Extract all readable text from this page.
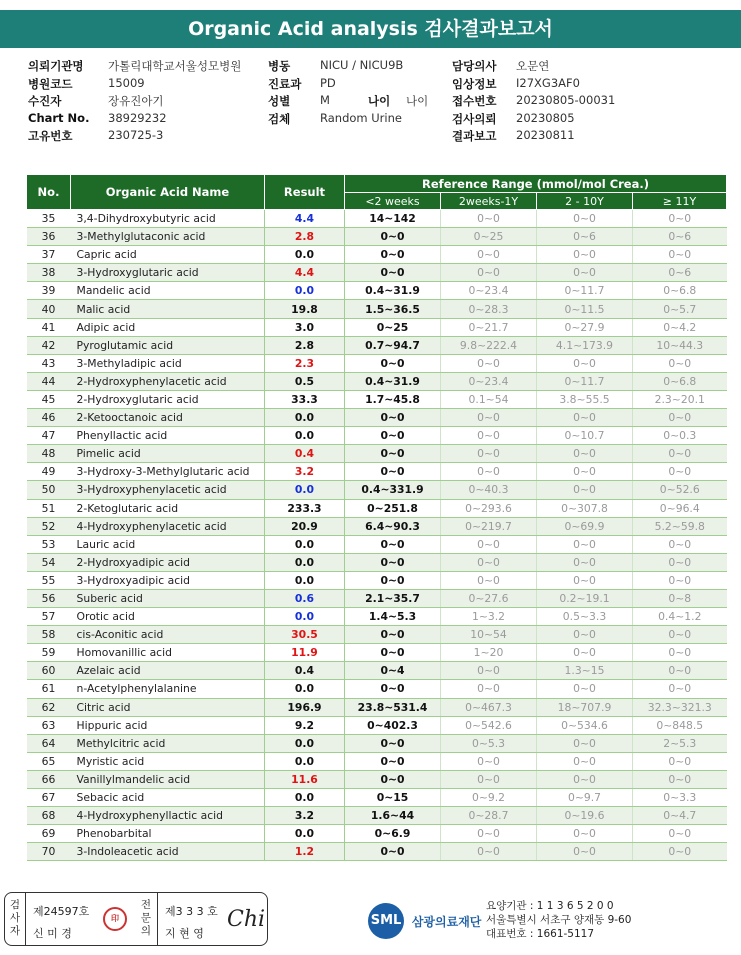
Organic Acid analysis 검사결과보고서
의뢰기관명 가톨릭대학교서울성모병원 병동	NICU / NICU9B	담당의사 오문연
병원코드	15009	진료과 PD	임상정보 I27XG3AF0
수진자	장유진아기	성별	M	나이 나이 접수번호 20230805-00031
Chart No. 38929232	검체	Random Urine	검사의뢰 20230805
고유번호	230725-3	결과보고 20230811
No.	Organic Acid Name	Result	Reference Range (mmol/mol Crea.)			
			<2 weeks	2weeks-1Y	2 - 10Y	≥ 11Y
35	3,4-Dihydroxybutyric acid	4.4	14~142	0~0	0~0	0~0
36	3-Methylglutaconic acid	2.8	0~0	0~25	0~6	0~6
37	Capric acid	0.0	0~0	0~0	0~0	0~0
38	3-Hydroxyglutaric acid	4.4	0~0	0~0	0~0	0~6
39	Mandelic acid	0.0	0.4~31.9	0~23.4	0~11.7	0~6.8
40	Malic acid	19.8	1.5~36.5	0~28.3	0~11.5	0~5.7
41	Adipic acid	3.0	0~25	0~21.7	0~27.9	0~4.2
42	Pyroglutamic acid	2.8	0.7~94.7	9.8~222.4	4.1~173.9	10~44.3
43	3-Methyladipic acid	2.3	0~0	0~0	0~0	0~0
44	2-Hydroxyphenylacetic acid	0.5	0.4~31.9	0~23.4	0~11.7	0~6.8
45	2-Hydroxyglutaric acid	33.3	1.7~45.8	0.1~54	3.8~55.5	2.3~20.1
46	2-Ketooctanoic acid	0.0	0~0	0~0	0~0	0~0
47	Phenyllactic acid	0.0	0~0	0~0	0~10.7	0~0.3
48	Pimelic acid	0.4	0~0	0~0	0~0	0~0
49	3-Hydroxy-3-Methylglutaric acid	3.2	0~0	0~0	0~0	0~0
50	3-Hydroxyphenylacetic acid	0.0	0.4~331.9	0~40.3	0~0	0~52.6
51	2-Ketoglutaric acid	233.3	0~251.8	0~293.6	0~307.8	0~96.4
52	4-Hydroxyphenylacetic acid	20.9	6.4~90.3	0~219.7	0~69.9	5.2~59.8
53	Lauric acid	0.0	0~0	0~0	0~0	0~0
54	2-Hydroxyadipic acid	0.0	0~0	0~0	0~0	0~0
55	3-Hydroxyadipic acid	0.0	0~0	0~0	0~0	0~0
56	Suberic acid	0.6	2.1~35.7	0~27.6	0.2~19.1	0~8
57	Orotic acid	0.0	1.4~5.3	1~3.2	0.5~3.3	0.4~1.2
58	cis-Aconitic acid	30.5	0~0	10~54	0~0	0~0
59	Homovanillic acid	11.9	0~0	1~20	0~0	0~0
60	Azelaic acid	0.4	0~4	0~0	1.3~15	0~0
61	n-Acetylphenylalanine	0.0	0~0	0~0	0~0	0~0
62	Citric acid	196.9	23.8~531.4	0~467.3	18~707.9	32.3~321.3
63	Hippuric acid	9.2	0~402.3	0~542.6	0~534.6	0~848.5
64	Methylcitric acid	0.0	0~0	0~5.3	0~0	2~5.3
65	Myristic acid	0.0	0~0	0~0	0~0	0~0
66	Vanillylmandelic acid	11.6	0~0	0~0	0~0	0~0
67	Sebacic acid	0.0	0~15	0~9.2	0~9.7	0~3.3
68	4-Hydroxyphenyllactic acid	3.2	1.6~44	0~28.7	0~19.6	0~4.7
69	Phenobarbital	0.0	0~6.9	0~0	0~0	0~0
70	3-Indoleacetic acid	1.2	0~0	0~0	0~0	0~0
검사자
제24597호
신 미 경
印
전문의
제3 3 3 호
지 현 영
Chi	SML 삼광의료재단
요양기관 : 1 1 3 6 5 2 0 0
서울특별시 서초구 양재동 9-60
대표번호 : 1661-5117
